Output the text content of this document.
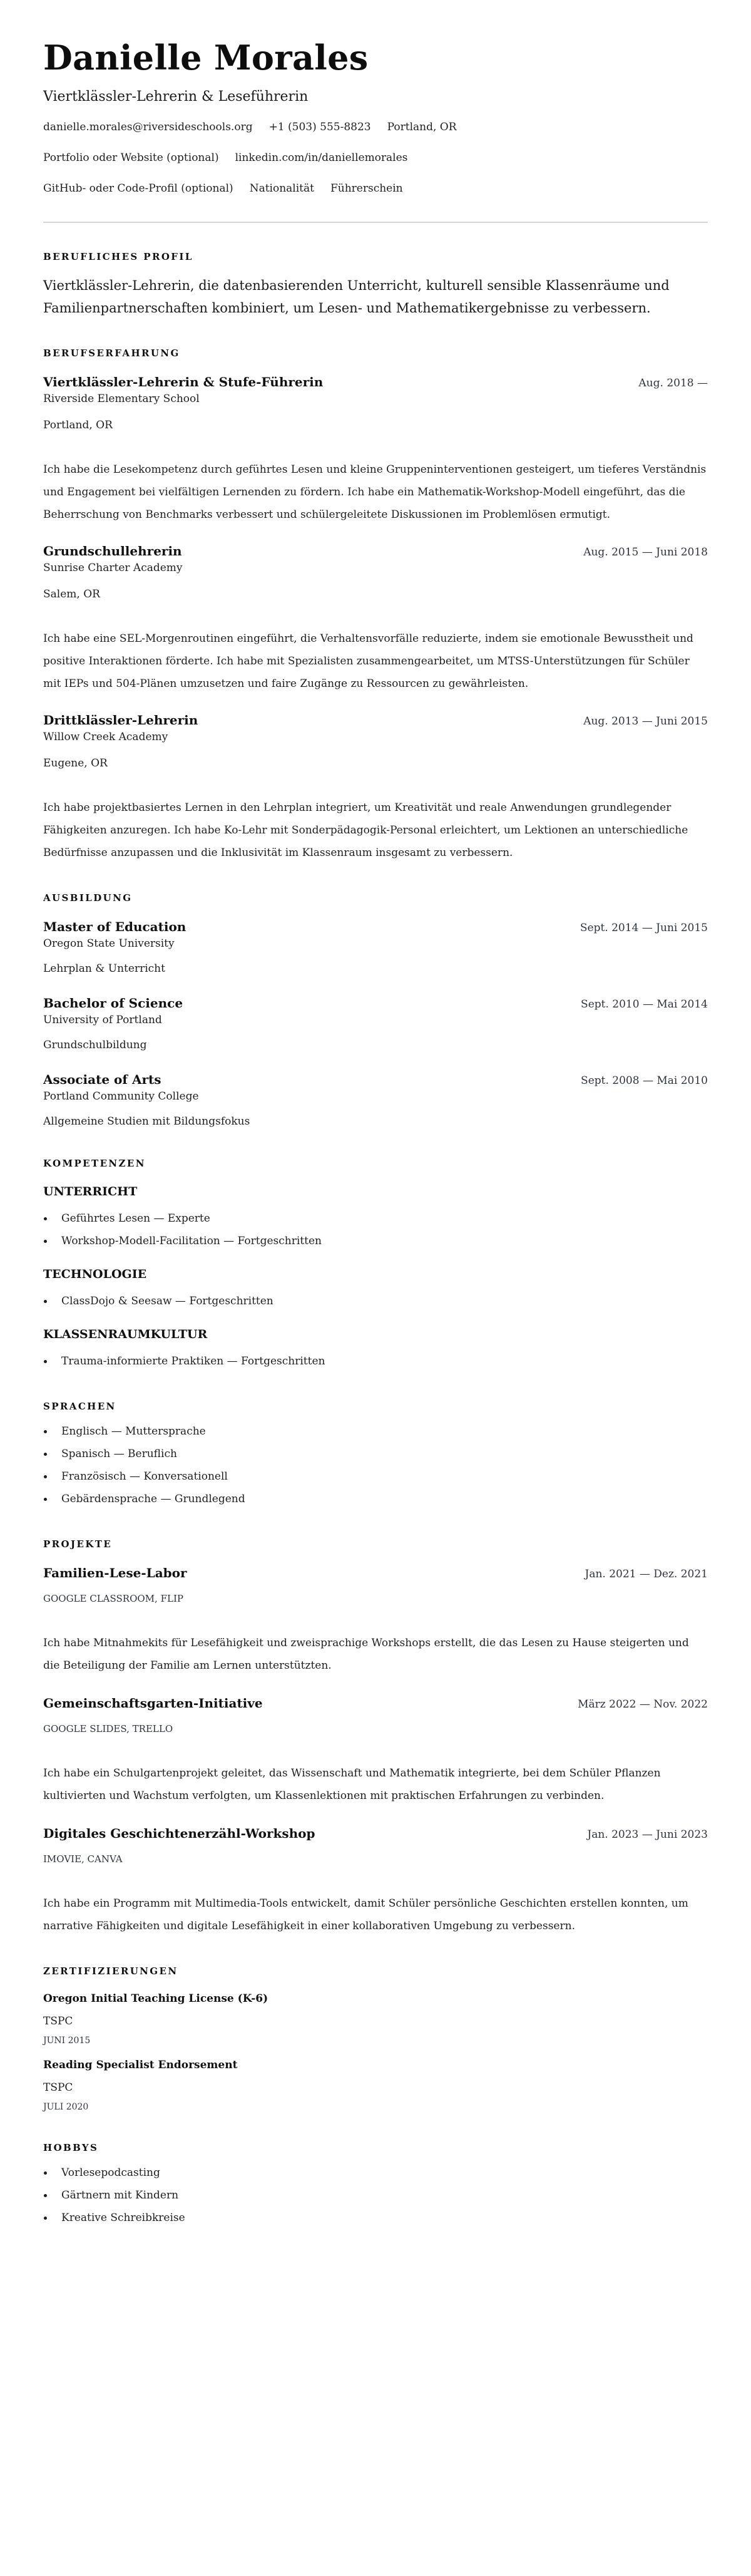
Danielle Morales
Viertklässler-Lehrerin & Leseführerin
danielle.morales@riversideschools.org +1 (503) 555-8823 Portland, OR
Portfolio oder Website (optional) linkedin.com/in/daniellemorales
GitHub- oder Code-Profil (optional) Nationalität Führerschein
BERUFLICHES PROFIL

Viertklässler-Lehrerin, die datenbasierenden Unterricht, kulturell sensible Klassenräume und Familienpartnerschaften kombiniert, um Lesen- und Mathematikergebnisse zu verbessern.

BERUFSERFAHRUNG
Viertklässler-Lehrerin & Stufe-Führerin	Aug. 2018 —
Riverside Elementary School
Portland, OR

Ich habe die Lesekompetenz durch geführtes Lesen und kleine Gruppeninterventionen gesteigert, um tieferes Verständnis und Engagement bei vielfältigen Lernenden zu fördern. Ich habe ein Mathematik-Workshop-Modell eingeführt, das die Beherrschung von Benchmarks verbessert und schülergeleitete Diskussionen im Problemlösen ermutigt.

Grundschullehrerin	Aug. 2015 — Juni 2018
Sunrise Charter Academy
Salem, OR

Ich habe eine SEL-Morgenroutinen eingeführt, die Verhaltensvorfälle reduzierte, indem sie emotionale Bewusstheit und positive Interaktionen förderte. Ich habe mit Spezialisten zusammengearbeitet, um MTSS-Unterstützungen für Schüler mit IEPs und 504-Plänen umzusetzen und faire Zugänge zu Ressourcen zu gewährleisten.

Drittklässler-Lehrerin	Aug. 2013 — Juni 2015
Willow Creek Academy
Eugene, OR

Ich habe projektbasiertes Lernen in den Lehrplan integriert, um Kreativität und reale Anwendungen grundlegender Fähigkeiten anzuregen. Ich habe Ko-Lehr mit Sonderpädagogik-Personal erleichtert, um Lektionen an unterschiedliche Bedürfnisse anzupassen und die Inklusivität im Klassenraum insgesamt zu verbessern.

AUSBILDUNG
Master of Education	Sept. 2014 — Juni 2015
Oregon State University
Lehrplan & Unterricht
Bachelor of Science	Sept. 2010 — Mai 2014
University of Portland
Grundschulbildung
Associate of Arts	Sept. 2008 — Mai 2010
Portland Community College
Allgemeine Studien mit Bildungsfokus
KOMPETENZEN
UNTERRICHT
Geführtes Lesen — Experte
Workshop-Modell-Facilitation — Fortgeschritten
TECHNOLOGIE
ClassDojo & Seesaw — Fortgeschritten
KLASSENRAUMKULTUR
Trauma-informierte Praktiken — Fortgeschritten
SPRACHEN
Englisch — Muttersprache
Spanisch — Beruflich
Französisch — Konversationell
Gebärdensprache — Grundlegend
PROJEKTE
Familien-Lese-Labor	Jan. 2021 — Dez. 2021
GOOGLE CLASSROOM, FLIP

Ich habe Mitnahmekits für Lesefähigkeit und zweisprachige Workshops erstellt, die das Lesen zu Hause steigerten und die Beteiligung der Familie am Lernen unterstützten.

Gemeinschaftsgarten-Initiative	März 2022 — Nov. 2022
GOOGLE SLIDES, TRELLO

Ich habe ein Schulgartenprojekt geleitet, das Wissenschaft und Mathematik integrierte, bei dem Schüler Pflanzen kultivierten und Wachstum verfolgten, um Klassenlektionen mit praktischen Erfahrungen zu verbinden.

Digitales Geschichtenerzähl-Workshop	Jan. 2023 — Juni 2023
IMOVIE, CANVA

Ich habe ein Programm mit Multimedia-Tools entwickelt, damit Schüler persönliche Geschichten erstellen konnten, um narrative Fähigkeiten und digitale Lesefähigkeit in einer kollaborativen Umgebung zu verbessern.

ZERTIFIZIERUNGEN
Oregon Initial Teaching License (K-6)
TSPC
JUNI 2015
Reading Specialist Endorsement
TSPC
JULI 2020
HOBBYS
Vorlesepodcasting
Gärtnern mit Kindern
Kreative Schreibkreise
